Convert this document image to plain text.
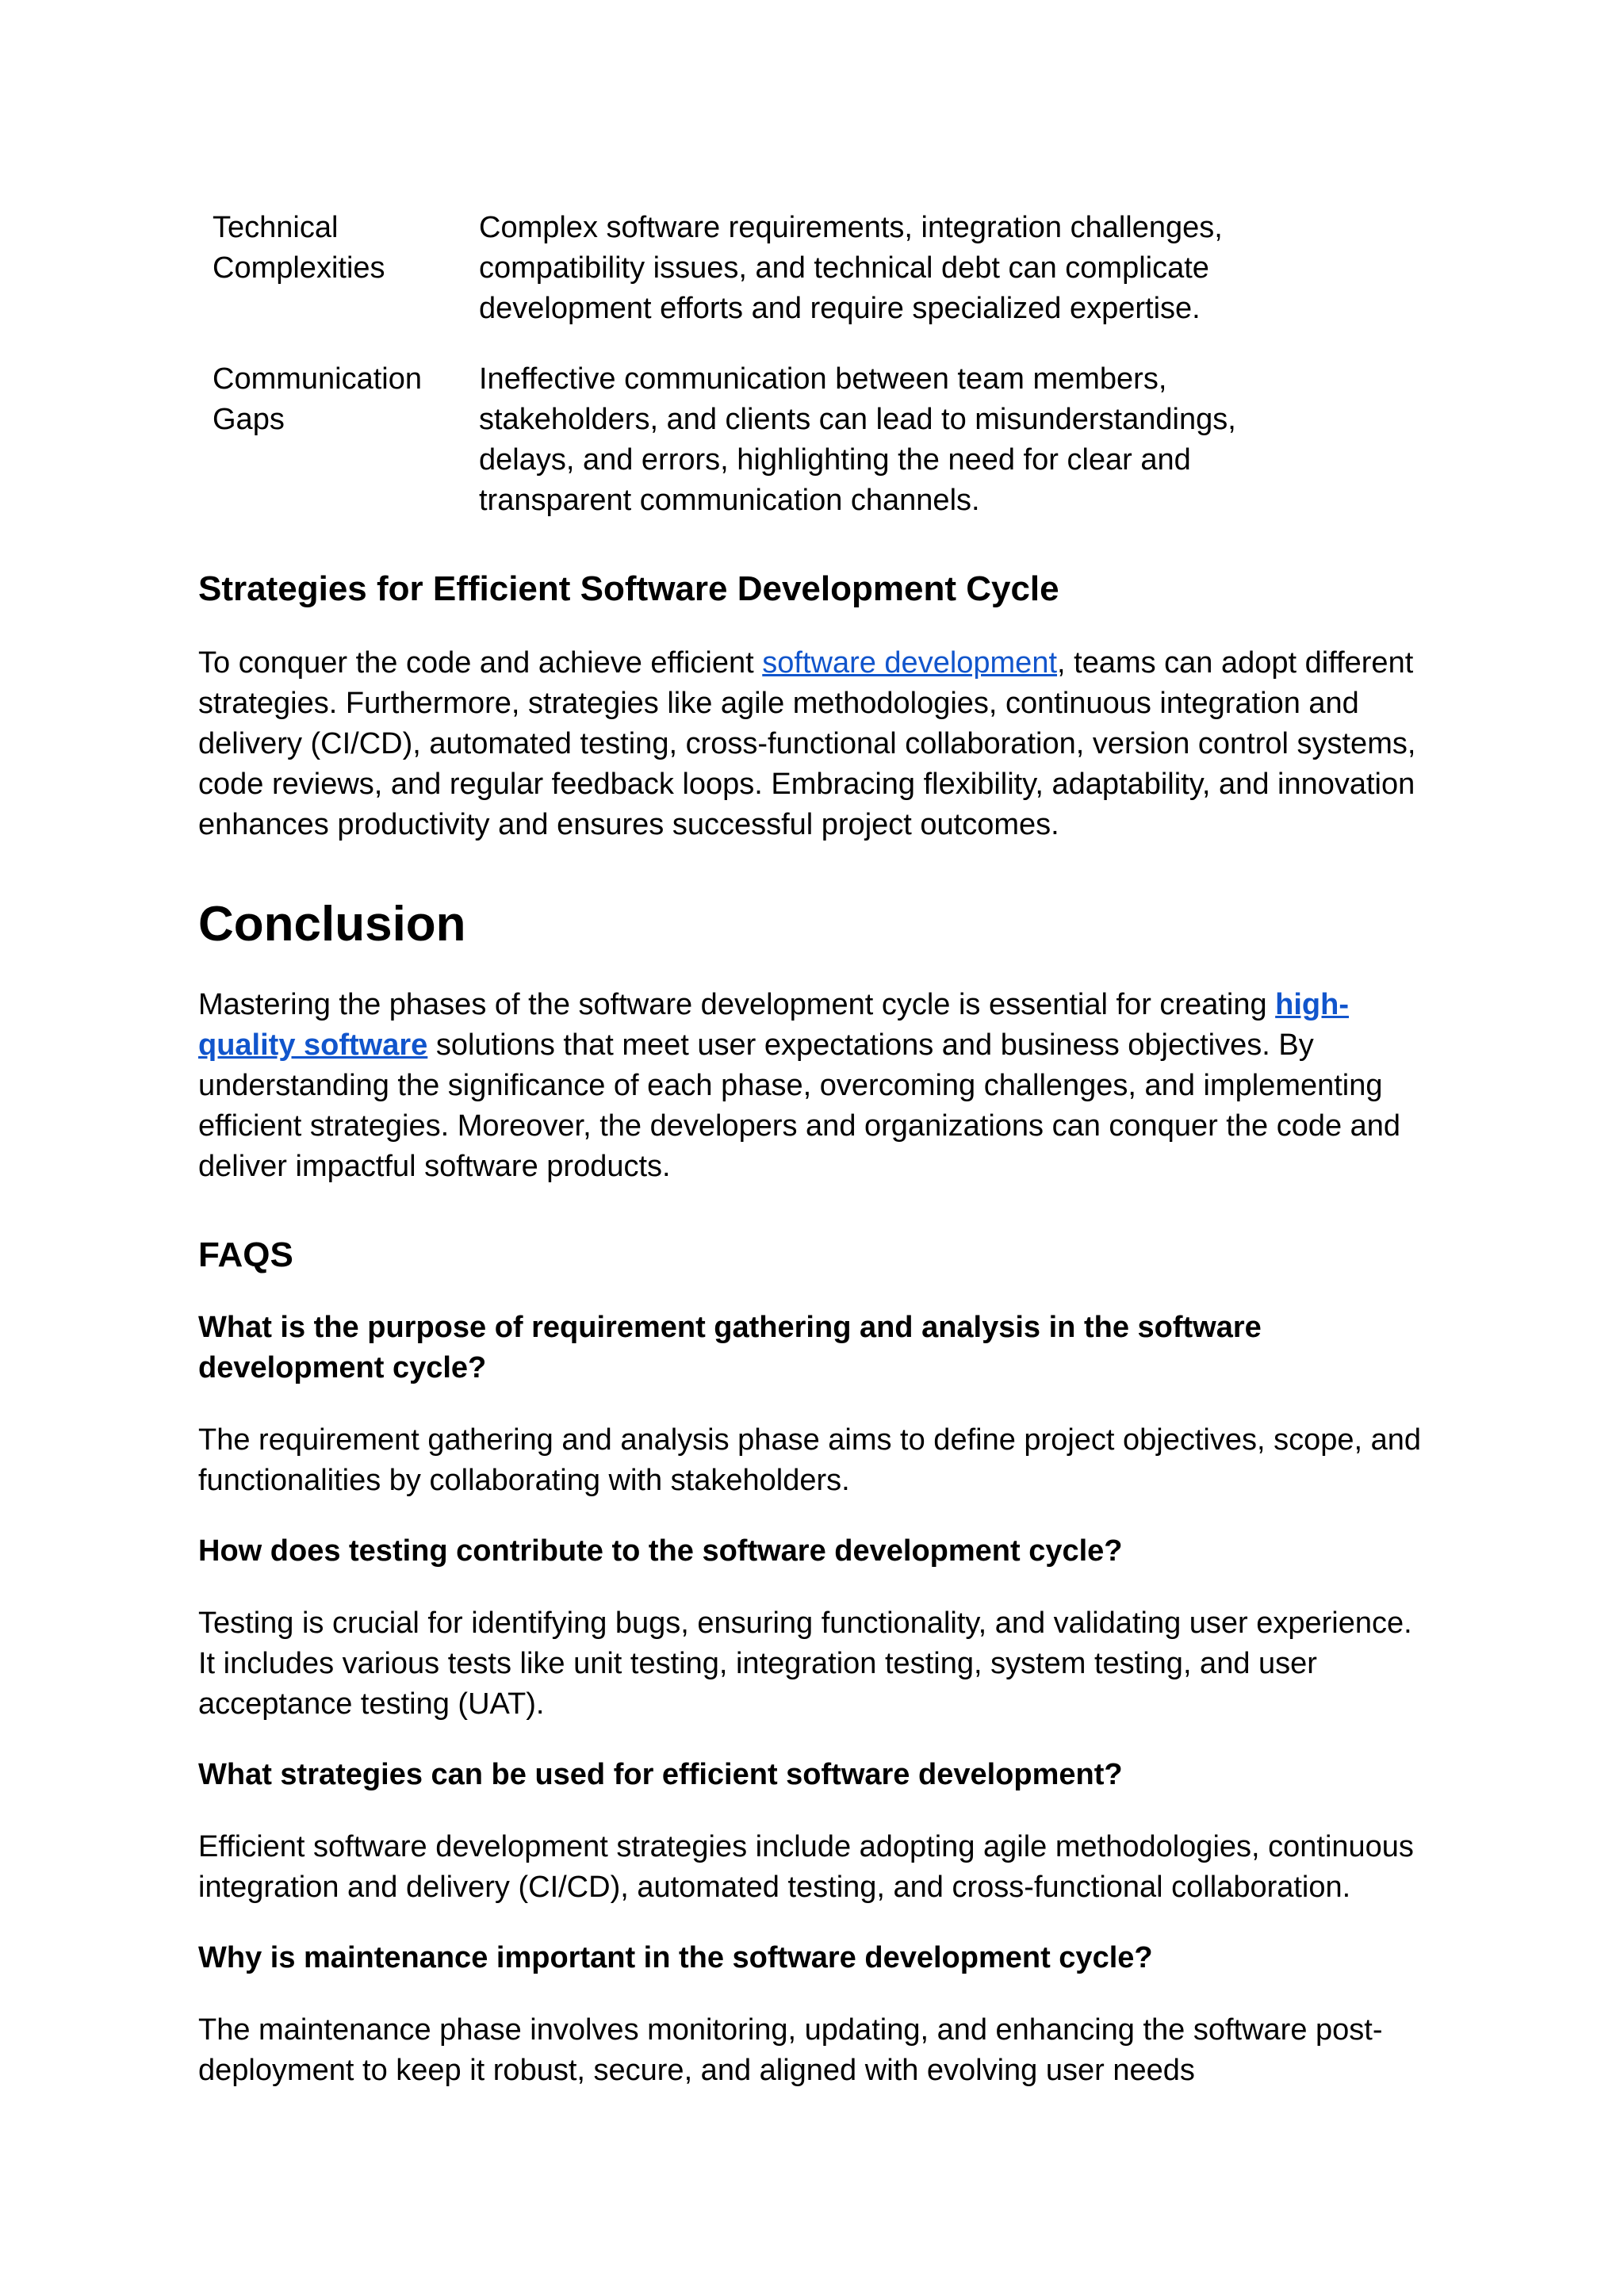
Technical
Complexities
Complex software requirements, integration challenges, compatibility issues, and technical debt can complicate development efforts and require specialized expertise.
Communication
Gaps
Ineffective communication between team members, stakeholders, and clients can lead to misunderstandings, delays, and errors, highlighting the need for clear and transparent communication channels.
Strategies for Efficient Software Development Cycle

To conquer the code and achieve efficient software development, teams can adopt different strategies. Furthermore, strategies like agile methodologies, continuous integration and delivery (CI/CD), automated testing, cross-functional collaboration, version control systems, code reviews, and regular feedback loops. Embracing flexibility, adaptability, and innovation enhances productivity and ensures successful project outcomes.

Conclusion

Mastering the phases of the software development cycle is essential for creating high-quality software solutions that meet user expectations and business objectives. By understanding the significance of each phase, overcoming challenges, and implementing efficient strategies. Moreover, the developers and organizations can conquer the code and deliver impactful software products.

FAQS

What is the purpose of requirement gathering and analysis in the software development cycle?

The requirement gathering and analysis phase aims to define project objectives, scope, and functionalities by collaborating with stakeholders.

How does testing contribute to the software development cycle?

Testing is crucial for identifying bugs, ensuring functionality, and validating user experience. It includes various tests like unit testing, integration testing, system testing, and user acceptance testing (UAT).

What strategies can be used for efficient software development?

Efficient software development strategies include adopting agile methodologies, continuous integration and delivery (CI/CD), automated testing, and cross-functional collaboration.

Why is maintenance important in the software development cycle?

The maintenance phase involves monitoring, updating, and enhancing the software post-deployment to keep it robust, secure, and aligned with evolving user needs
